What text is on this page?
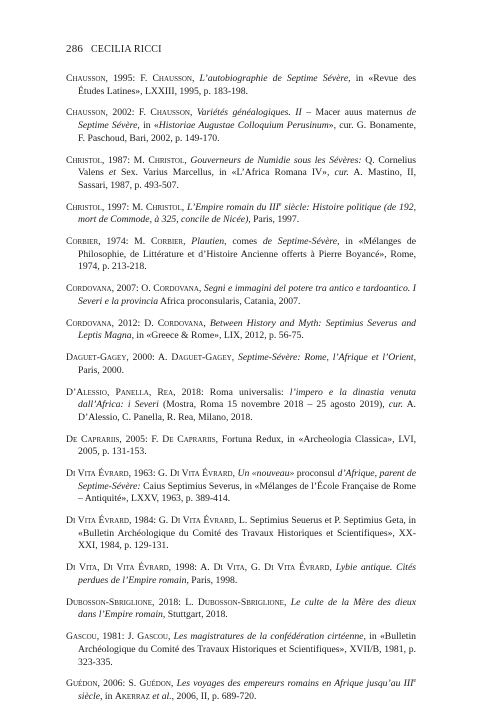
286 CECILIA RICCI

Chausson, 1995: F. Chausson, L’autobiographie de Septime Sévère, in «Revue des Études Latines», LXXIII, 1995, p. 183-198.

Chausson, 2002: F. Chausson, Variétés généalogiques. II – Macer auus maternus de Septime Sévère, in «Historiae Augustae Colloquium Perusinum», cur. G. Bonamente, F. Paschoud, Bari, 2002, p. 149-170.

Christol, 1987: M. Christol, Gouverneurs de Numidie sous les Sévères: Q. Cornelius Valens et Sex. Varius Marcellus, in «L’Africa Romana IV», cur. A. Mastino, II, Sassari, 1987, p. 493-507.

Christol, 1997: M. Christol, L’Empire romain du IIIe siècle: Histoire politique (de 192, mort de Commode, à 325, concile de Nicée), Paris, 1997.

Corbier, 1974: M. Corbier, Plautien, comes de Septime-Sévère, in «Mélanges de Philosophie, de Littérature et d’Histoire Ancienne offerts à Pierre Boyancé», Rome, 1974, p. 213-218.

Cordovana, 2007: O. Cordovana, Segni e immagini del potere tra antico e tardoantico. I Severi e la provincia Africa proconsularis, Catania, 2007.

Cordovana, 2012: D. Cordovana, Between History and Myth: Septimius Severus and Leptis Magna, in «Greece & Rome», LIX, 2012, p. 56-75.

Daguet-Gagey, 2000: A. Daguet-Gagey, Septime-Sévère: Rome, l’Afrique et l’Orient, Paris, 2000.

D’Alessio, Panella, Rea, 2018: Roma universalis: l’impero e la dinastia venuta dall’Africa: i Severi (Mostra, Roma 15 novembre 2018 – 25 agosto 2019), cur. A. D’Alessio, C. Panella, R. Rea, Milano, 2018.

De Caprariis, 2005: F. De Caprariis, Fortuna Redux, in «Archeologia Classica», LVI, 2005, p. 131-153.

Di Vita Évrard, 1963: G. Di Vita Évrard, Un «nouveau» proconsul d’Afrique, parent de Septime-Sévère: Caius Septimius Severus, in «Mélanges de l’École Française de Rome – Antiquité», LXXV, 1963, p. 389-414.

Di Vita Évrard, 1984: G. Di Vita Évrard, L. Septimius Seuerus et P. Septimius Geta, in «Bulletin Archéologique du Comité des Travaux Historiques et Scientifiques», XX-XXI, 1984, p. 129-131.

Di Vita, Di Vita Évrard, 1998: A. Di Vita, G. Di Vita Évrard, Lybie antique. Cités perdues de l’Empire romain, Paris, 1998.

Dubosson-Sbriglione, 2018: L. Dubosson-Sbriglione, Le culte de la Mère des dieux dans l’Empire romain, Stuttgart, 2018.

Gascou, 1981: J. Gascou, Les magistratures de la confédération cirtéenne, in «Bulletin Archéologique du Comité des Travaux Historiques et Scientifiques», XVII/B, 1981, p. 323-335.

Guédon, 2006: S. Guédon, Les voyages des empereurs romains en Afrique jusqu’au IIIe siècle, in Akerraz et al., 2006, II, p. 689-720.
